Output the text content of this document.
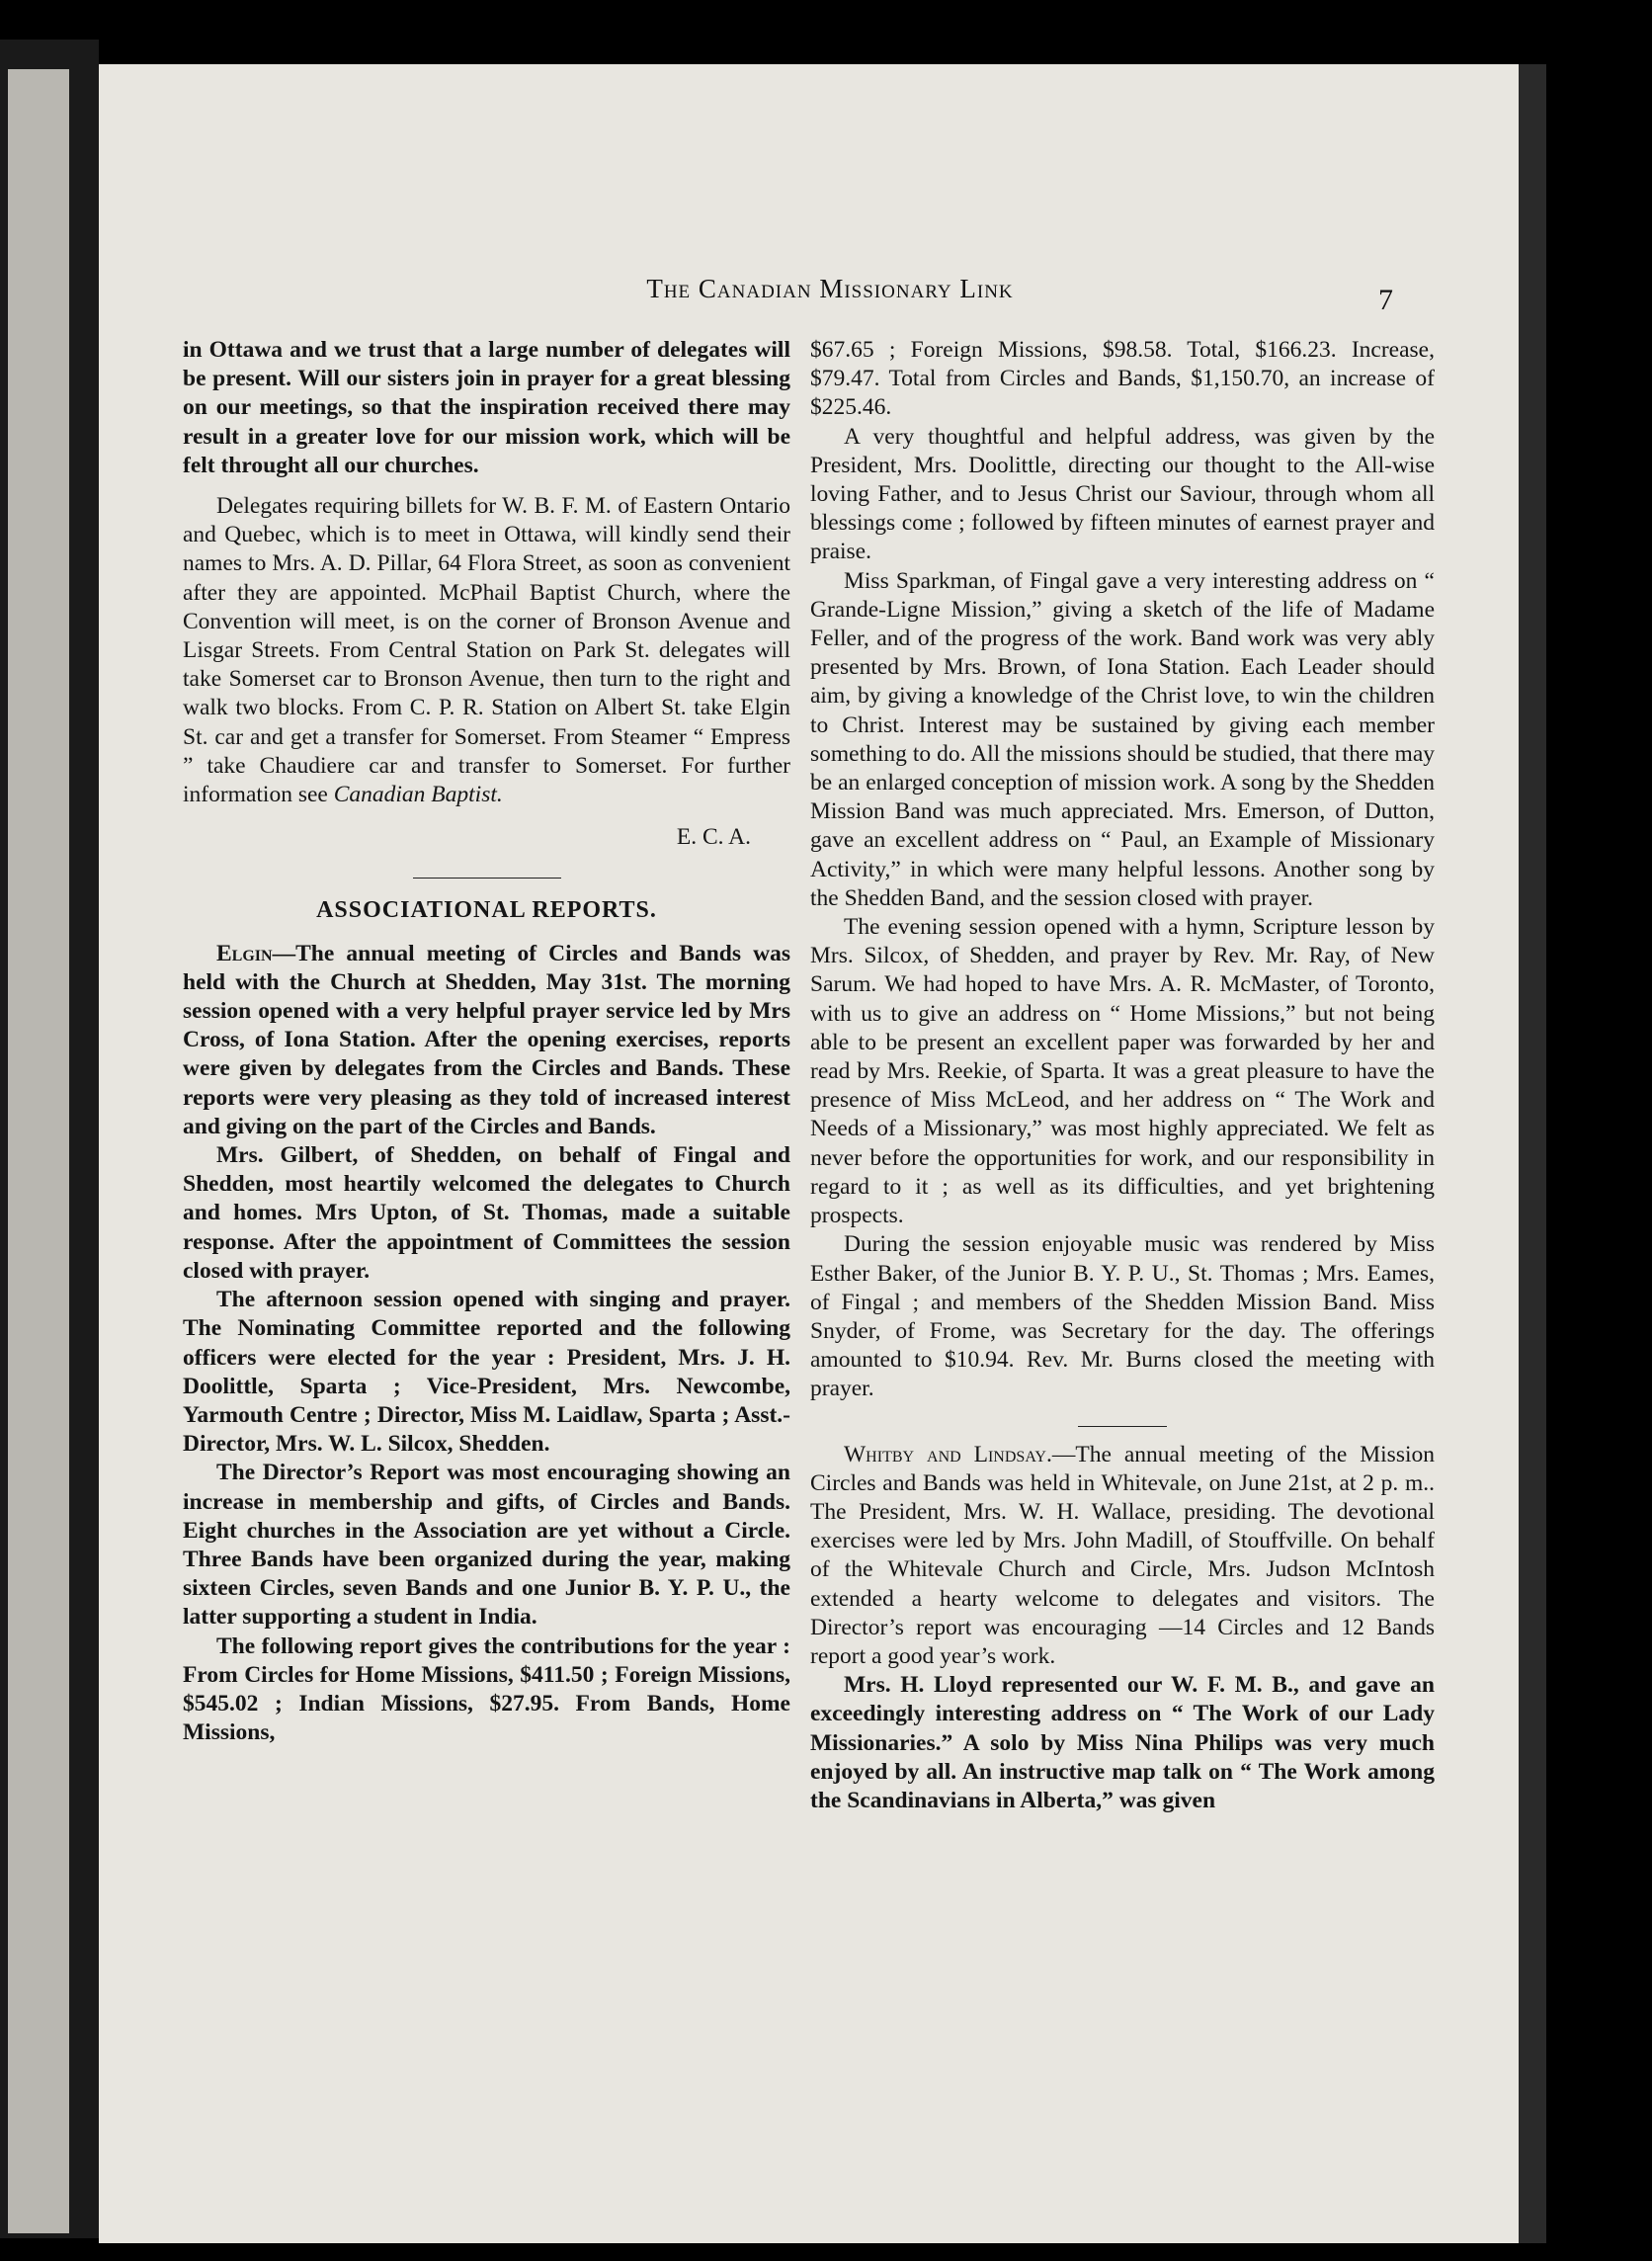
The Canadian Missionary Link	7

in Ottawa and we trust that a large number of delegates will be present. Will our sisters join in prayer for a great blessing on our meetings, so that the inspiration received there may result in a greater love for our mission work, which will be felt throught all our churches.

Delegates requiring billets for W. B. F. M. of Eastern Ontario and Quebec, which is to meet in Ottawa, will kindly send their names to Mrs. A. D. Pillar, 64 Flora Street, as soon as convenient after they are appointed. McPhail Baptist Church, where the Convention will meet, is on the corner of Bronson Avenue and Lisgar Streets. From Central Station on Park St. delegates will take Somerset car to Bronson Avenue, then turn to the right and walk two blocks. From C. P. R. Station on Albert St. take Elgin St. car and get a transfer for Somerset. From Steamer “ Empress ” take Chaudiere car and transfer to Somerset. For further information see Canadian Baptist.

E. C. A.
ASSOCIATIONAL REPORTS.

Elgin—The annual meeting of Circles and Bands was held with the Church at Shedden, May 31st. The morning session opened with a very helpful prayer service led by Mrs Cross, of Iona Station. After the opening exercises, reports were given by delegates from the Circles and Bands. These reports were very pleasing as they told of increased interest and giving on the part of the Circles and Bands.

Mrs. Gilbert, of Shedden, on behalf of Fingal and Shedden, most heartily welcomed the delegates to Church and homes. Mrs Upton, of St. Thomas, made a suitable response. After the appointment of Committees the session closed with prayer.

The afternoon session opened with singing and prayer. The Nominating Committee reported and the following officers were elected for the year : President, Mrs. J. H. Doolittle, Sparta ; Vice-President, Mrs. Newcombe, Yarmouth Centre ; Director, Miss M. Laidlaw, Sparta ; Asst.-Director, Mrs. W. L. Silcox, Shedden.

The Director’s Report was most encouraging showing an increase in membership and gifts, of Circles and Bands. Eight churches in the Association are yet without a Circle. Three Bands have been organized during the year, making sixteen Circles, seven Bands and one Junior B. Y. P. U., the latter supporting a student in India.

The following report gives the contributions for the year : From Circles for Home Missions, $411.50 ; Foreign Missions, $545.02 ; Indian Missions, $27.95. From Bands, Home Missions,

$67.65 ; Foreign Missions, $98.58. Total, $166.23. Increase, $79.47. Total from Circles and Bands, $1,150.70, an increase of $225.46.

A very thoughtful and helpful address, was given by the President, Mrs. Doolittle, directing our thought to the All-wise loving Father, and to Jesus Christ our Saviour, through whom all blessings come ; followed by fifteen minutes of earnest prayer and praise.

Miss Sparkman, of Fingal gave a very interesting address on “ Grande-Ligne Mission,” giving a sketch of the life of Madame Feller, and of the progress of the work. Band work was very ably presented by Mrs. Brown, of Iona Station. Each Leader should aim, by giving a knowledge of the Christ love, to win the children to Christ. Interest may be sustained by giving each member something to do. All the missions should be studied, that there may be an enlarged conception of mission work. A song by the Shedden Mission Band was much appreciated. Mrs. Emerson, of Dutton, gave an excellent address on “ Paul, an Example of Missionary Activity,” in which were many helpful lessons. Another song by the Shedden Band, and the session closed with prayer.

The evening session opened with a hymn, Scripture lesson by Mrs. Silcox, of Shedden, and prayer by Rev. Mr. Ray, of New Sarum. We had hoped to have Mrs. A. R. McMaster, of Toronto, with us to give an address on “ Home Missions,” but not being able to be present an excellent paper was forwarded by her and read by Mrs. Reekie, of Sparta. It was a great pleasure to have the presence of Miss McLeod, and her address on “ The Work and Needs of a Missionary,” was most highly appreciated. We felt as never before the opportunities for work, and our responsibility in regard to it ; as well as its difficulties, and yet brightening prospects.

During the session enjoyable music was rendered by Miss Esther Baker, of the Junior B. Y. P. U., St. Thomas ; Mrs. Eames, of Fingal ; and members of the Shedden Mission Band. Miss Snyder, of Frome, was Secretary for the day. The offerings amounted to $10.94. Rev. Mr. Burns closed the meeting with prayer.

Whitby and Lindsay.—The annual meeting of the Mission Circles and Bands was held in Whitevale, on June 21st, at 2 p. m.. The President, Mrs. W. H. Wallace, presiding. The devotional exercises were led by Mrs. John Madill, of Stouffville. On behalf of the Whitevale Church and Circle, Mrs. Judson McIntosh extended a hearty welcome to delegates and visitors. The Director’s report was encouraging —14 Circles and 12 Bands report a good year’s work.

Mrs. H. Lloyd represented our W. F. M. B., and gave an exceedingly interesting address on “ The Work of our Lady Missionaries.” A solo by Miss Nina Philips was very much enjoyed by all. An instructive map talk on “ The Work among the Scandinavians in Alberta,” was given
